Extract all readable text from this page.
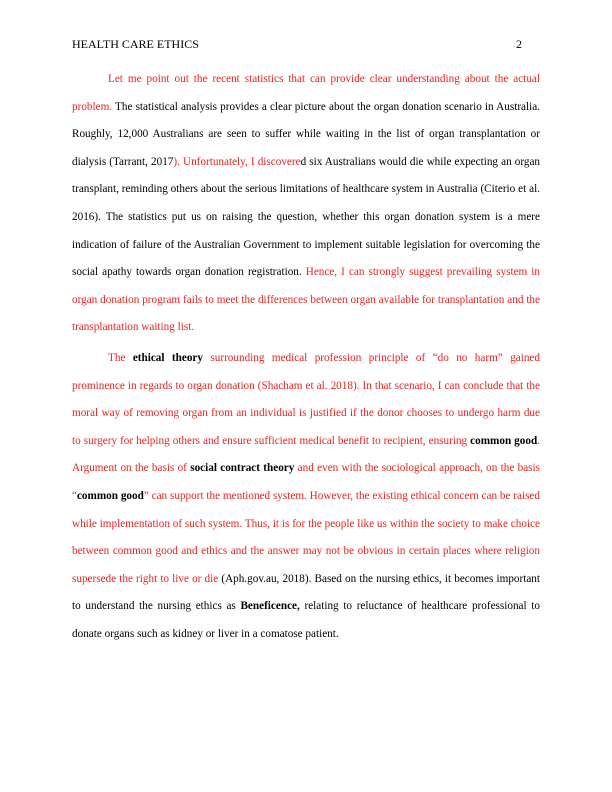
HEALTH CARE ETHICS	2

Let me point out the recent statistics that can provide clear understanding about the actual problem. The statistical analysis provides a clear picture about the organ donation scenario in Australia. Roughly, 12,000 Australians are seen to suffer while waiting in the list of organ transplantation or dialysis (Tarrant, 2017). Unfortunately, I discovered six Australians would die while expecting an organ transplant, reminding others about the serious limitations of healthcare system in Australia (Citerio et al. 2016). The statistics put us on raising the question, whether this organ donation system is a mere indication of failure of the Australian Government to implement suitable legislation for overcoming the social apathy towards organ donation registration. Hence, I can strongly suggest prevailing system in organ donation program fails to meet the differences between organ available for transplantation and the transplantation waiting list.

The ethical theory surrounding medical profession principle of “do no harm” gained prominence in regards to organ donation (Shacham et al. 2018). In that scenario, I can conclude that the moral way of removing organ from an individual is justified if the donor chooses to undergo harm due to surgery for helping others and ensure sufficient medical benefit to recipient, ensuring common good. Argument on the basis of social contract theory and even with the sociological approach, on the basis “common good” can support the mentioned system. However, the existing ethical concern can be raised while implementation of such system. Thus, it is for the people like us within the society to make choice between common good and ethics and the answer may not be obvious in certain places where religion supersede the right to live or die (Aph.gov.au, 2018). Based on the nursing ethics, it becomes important to understand the nursing ethics as Beneficence, relating to reluctance of healthcare professional to donate organs such as kidney or liver in a comatose patient.
